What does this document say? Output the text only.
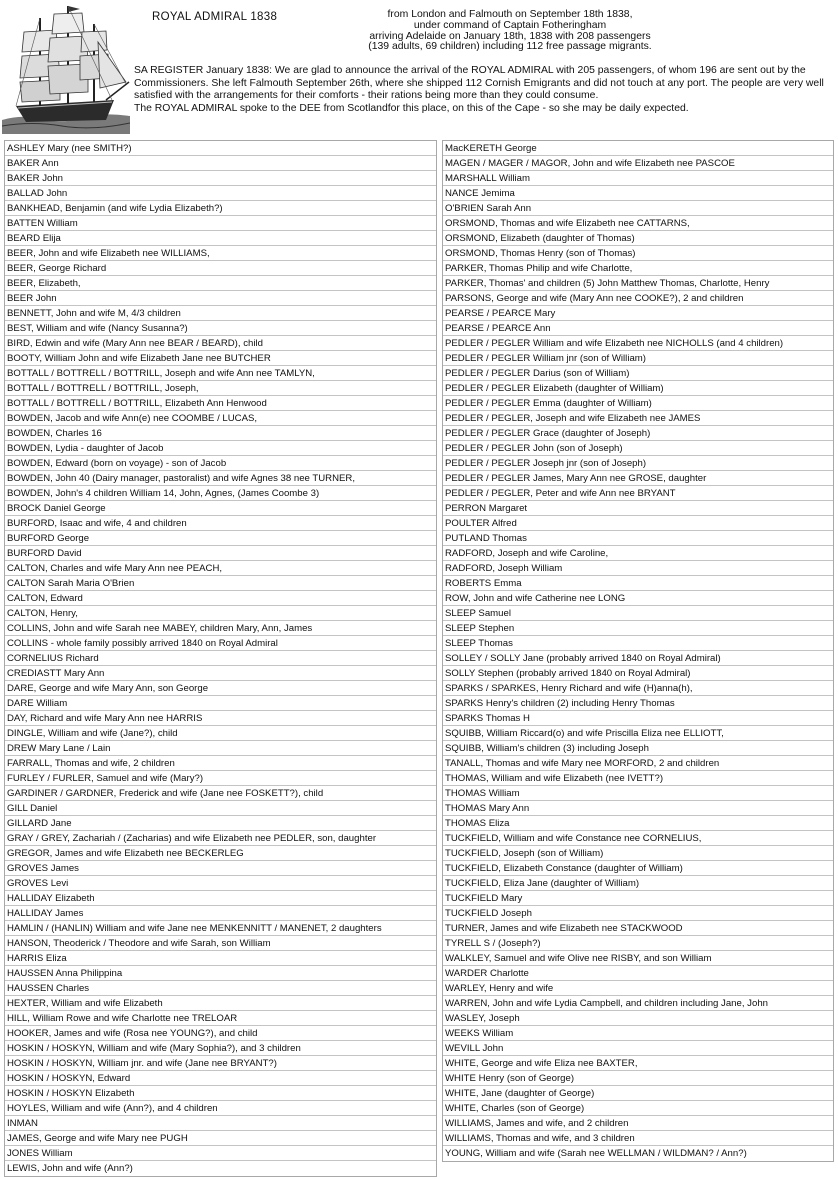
ROYAL ADMIRAL 1838	from London and Falmouth on September 18th 1838,
under command of Captain Fotheringham
arriving Adelaide on January 18th, 1838 with 208 passengers
(139 adults, 69 children) including 112 free passage migrants.
SA REGISTER January 1838: We are glad to announce the arrival of the ROYAL ADMIRAL with 205 passengers, of whom 196 are sent out by the Commissioners. She left Falmouth September 26th, where she shipped 112 Cornish Emigrants and did not touch at any port. The people are very well satisfied with the arrangements for their comforts - their rations being more than they could consume.
The ROYAL ADMIRAL spoke to the DEE from Scotlandfor this place, on this of the Cape - so she may be daily expected.
ASHLEY Mary (nee SMITH?)
BAKER Ann
BAKER John
BALLAD John
BANKHEAD, Benjamin (and wife Lydia Elizabeth?)
BATTEN William
BEARD Elija
BEER, John and wife Elizabeth nee WILLIAMS,
BEER, George Richard
BEER, Elizabeth,
BEER John
BENNETT, John and wife M, 4/3 children
BEST, William and wife (Nancy Susanna?)
BIRD, Edwin and wife (Mary Ann nee BEAR / BEARD), child
BOOTY, William John and wife Elizabeth Jane nee BUTCHER
BOTTALL / BOTTRELL / BOTTRILL, Joseph and wife Ann nee TAMLYN,
BOTTALL / BOTTRELL / BOTTRILL, Joseph,
BOTTALL / BOTTRELL / BOTTRILL, Elizabeth Ann Henwood
BOWDEN, Jacob and wife Ann(e) nee COOMBE / LUCAS,
BOWDEN, Charles 16
BOWDEN, Lydia - daughter of Jacob
BOWDEN, Edward (born on voyage) - son of Jacob
BOWDEN, John 40 (Dairy manager, pastoralist) and wife Agnes 38 nee TURNER,
BOWDEN, John's 4 children William 14, John, Agnes, (James Coombe 3)
BROCK Daniel George
BURFORD, Isaac and wife, 4 and children
BURFORD George
BURFORD David
CALTON, Charles and wife Mary Ann nee PEACH,
CALTON Sarah Maria O'Brien
CALTON, Edward
CALTON, Henry,
COLLINS, John and wife Sarah nee MABEY, children Mary, Ann, James
COLLINS - whole family possibly arrived 1840 on Royal Admiral
CORNELIUS Richard
CREDIASTT Mary Ann
DARE, George and wife Mary Ann, son George
DARE William
DAY, Richard and wife Mary Ann nee HARRIS
DINGLE, William and wife (Jane?), child
DREW Mary Lane / Lain
FARRALL, Thomas and wife, 2 children
FURLEY / FURLER, Samuel and wife (Mary?)
GARDINER / GARDNER, Frederick and wife (Jane nee FOSKETT?), child
GILL Daniel
GILLARD Jane
GRAY / GREY, Zachariah / (Zacharias) and wife Elizabeth nee PEDLER, son, daughter
GREGOR, James and wife Elizabeth nee BECKERLEG
GROVES James
GROVES Levi
HALLIDAY Elizabeth
HALLIDAY James
HAMLIN / (HANLIN) William and wife Jane nee MENKENNITT / MANENET, 2 daughters
HANSON, Theoderick / Theodore and wife Sarah, son William
HARRIS Eliza
HAUSSEN Anna Philippina
HAUSSEN Charles
HEXTER, William and wife Elizabeth
HILL, William Rowe and wife Charlotte nee TRELOAR
HOOKER, James and wife (Rosa nee YOUNG?), and child
HOSKIN / HOSKYN, William and wife (Mary Sophia?), and 3 children
HOSKIN / HOSKYN, William jnr. and wife (Jane nee BRYANT?)
HOSKIN / HOSKYN, Edward
HOSKIN / HOSKYN Elizabeth
HOYLES, William and wife (Ann?), and 4 children
INMAN
JAMES, George and wife Mary nee PUGH
JONES William
LEWIS, John and wife (Ann?)
MacKERETH George
MAGEN / MAGER / MAGOR, John and wife Elizabeth nee PASCOE
MARSHALL William
NANCE Jemima
O'BRIEN Sarah Ann
ORSMOND, Thomas and wife Elizabeth nee CATTARNS,
ORSMOND, Elizabeth (daughter of Thomas)
ORSMOND, Thomas Henry (son of Thomas)
PARKER, Thomas Philip and wife Charlotte,
PARKER, Thomas' and children (5) John Matthew Thomas, Charlotte, Henry
PARSONS, George and wife (Mary Ann nee COOKE?), 2 and children
PEARSE / PEARCE Mary
PEARSE / PEARCE Ann
PEDLER / PEGLER William and wife Elizabeth nee NICHOLLS (and 4 children)
PEDLER / PEGLER William jnr (son of William)
PEDLER / PEGLER Darius (son of William)
PEDLER / PEGLER Elizabeth (daughter of William)
PEDLER / PEGLER Emma (daughter of William)
PEDLER / PEGLER, Joseph and wife Elizabeth nee JAMES
PEDLER / PEGLER Grace (daughter of Joseph)
PEDLER / PEGLER John (son of Joseph)
PEDLER / PEGLER Joseph jnr (son of Joseph)
PEDLER / PEGLER James, Mary Ann nee GROSE, daughter
PEDLER / PEGLER, Peter and wife Ann nee BRYANT
PERRON Margaret
POULTER Alfred
PUTLAND Thomas
RADFORD, Joseph and wife Caroline,
RADFORD, Joseph William
ROBERTS Emma
ROW, John and wife Catherine nee LONG
SLEEP Samuel
SLEEP Stephen
SLEEP Thomas
SOLLEY / SOLLY Jane (probably arrived 1840 on Royal Admiral)
SOLLY Stephen (probably arrived 1840 on Royal Admiral)
SPARKS / SPARKES, Henry Richard and wife (H)anna(h),
SPARKS Henry's children (2) including Henry Thomas
SPARKS Thomas H
SQUIBB, William Riccard(o) and wife Priscilla Eliza nee ELLIOTT,
SQUIBB, William's children (3) including Joseph
TANALL, Thomas and wife Mary nee MORFORD, 2 and children
THOMAS, William and wife Elizabeth (nee IVETT?)
THOMAS William
THOMAS Mary Ann
THOMAS Eliza
TUCKFIELD, William and wife Constance nee CORNELIUS,
TUCKFIELD, Joseph (son of William)
TUCKFIELD, Elizabeth Constance (daughter of William)
TUCKFIELD, Eliza Jane (daughter of William)
TUCKFIELD Mary
TUCKFIELD Joseph
TURNER, James and wife Elizabeth nee STACKWOOD
TYRELL S / (Joseph?)
WALKLEY, Samuel and wife Olive nee RISBY, and son William
WARDER Charlotte
WARLEY, Henry and wife
WARREN, John and wife Lydia Campbell, and children including Jane, John
WASLEY, Joseph
WEEKS William
WEVILL John
WHITE, George and wife Eliza nee BAXTER,
WHITE Henry (son of George)
WHITE, Jane (daughter of George)
WHITE, Charles (son of George)
WILLIAMS, James and wife, and 2 children
WILLIAMS, Thomas and wife, and 3 children
YOUNG, William and wife (Sarah nee WELLMAN / WILDMAN? / Ann?)
